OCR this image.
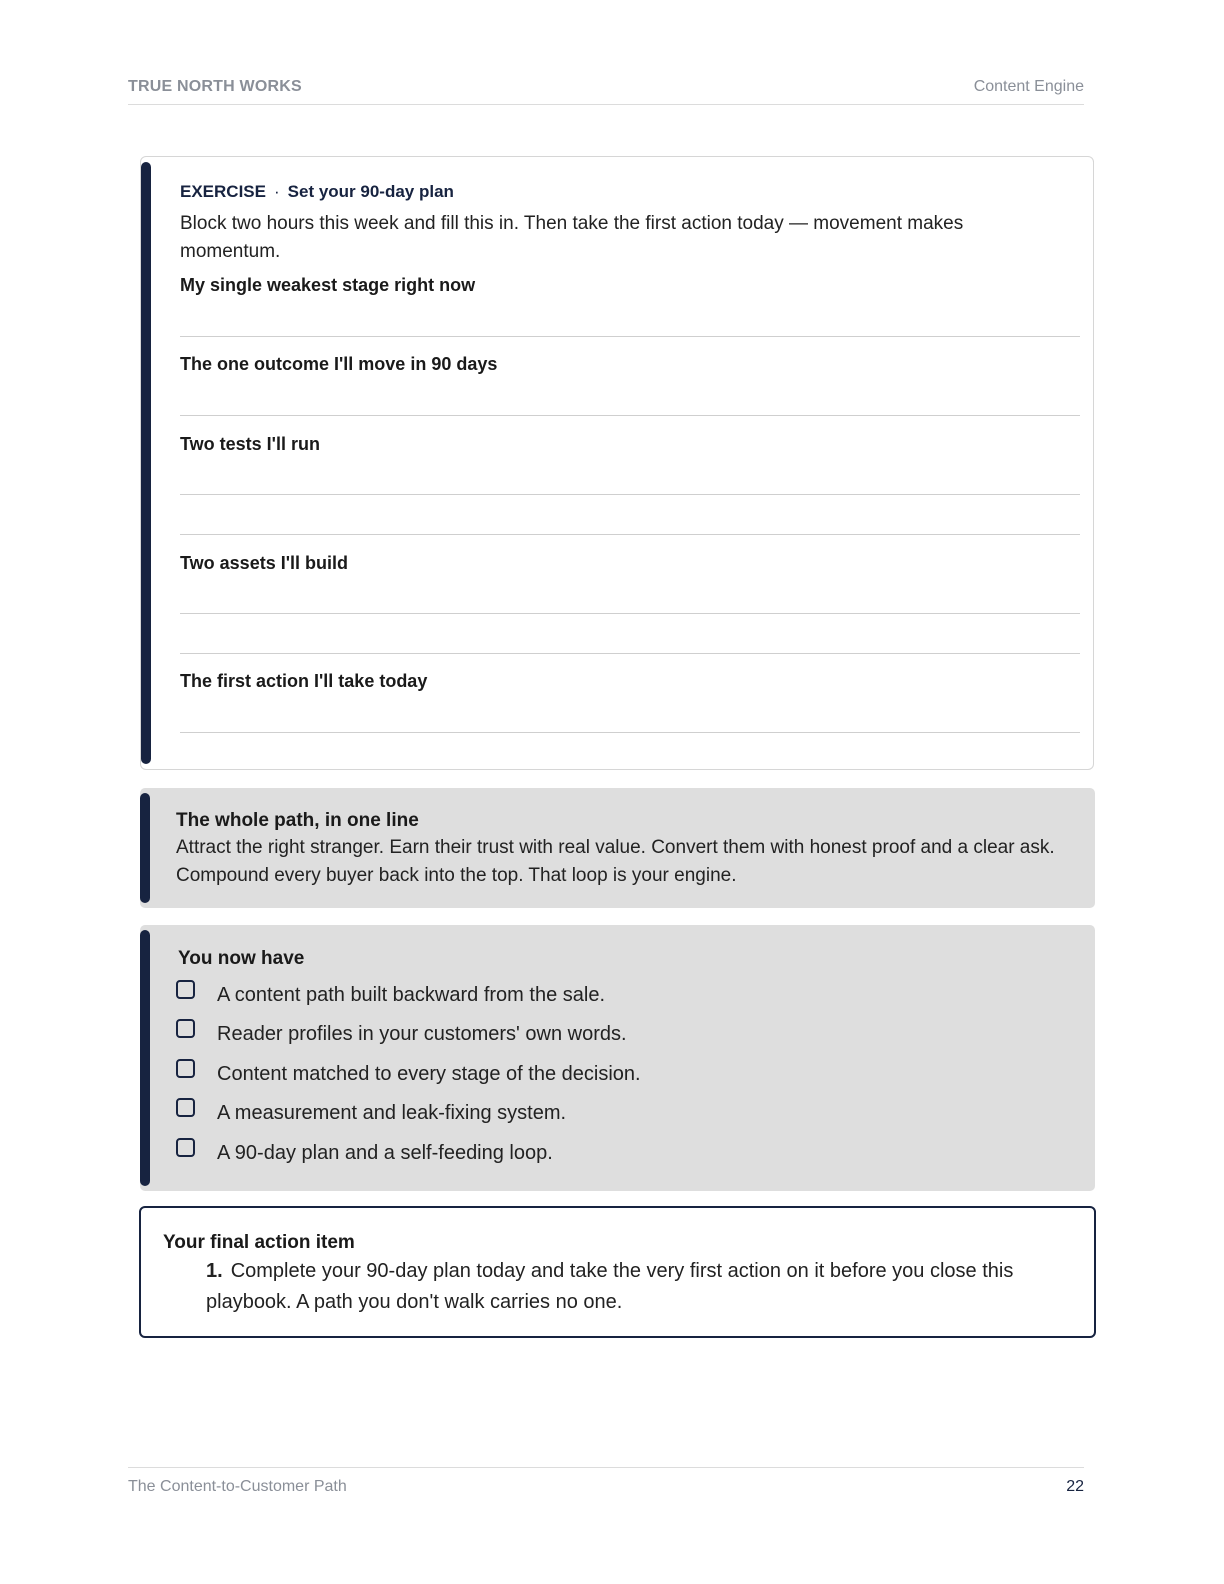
TRUE NORTH WORKS	Content Engine
EXERCISE · Set your 90-day plan
Block two hours this week and fill this in. Then take the first action today — movement makes momentum.
My single weakest stage right now
The one outcome I'll move in 90 days
Two tests I'll run
Two assets I'll build
The first action I'll take today
The whole path, in one line
Attract the right stranger. Earn their trust with real value. Convert them with honest proof and a clear ask. Compound every buyer back into the top. That loop is your engine.
You now have
A content path built backward from the sale.
Reader profiles in your customers' own words.
Content matched to every stage of the decision.
A measurement and leak-fixing system.
A 90-day plan and a self-feeding loop.
Your final action item
1. Complete your 90-day plan today and take the very first action on it before you close this playbook. A path you don't walk carries no one.
The Content-to-Customer Path	22
